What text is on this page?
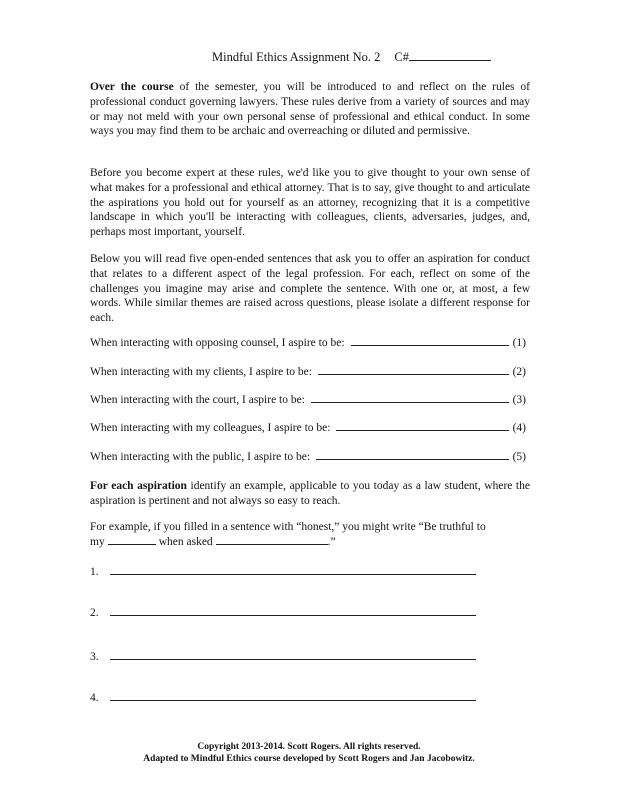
Mindful Ethics Assignment No. 2 C#

Over the course of the semester, you will be introduced to and reflect on the rules of professional conduct governing lawyers. These rules derive from a variety of sources and may or may not meld with your own personal sense of professional and ethical conduct. In some ways you may find them to be archaic and overreaching or diluted and permissive.

Before you become expert at these rules, we'd like you to give thought to your own sense of what makes for a professional and ethical attorney. That is to say, give thought to and articulate the aspirations you hold out for yourself as an attorney, recognizing that it is a competitive landscape in which you'll be interacting with colleagues, clients, adversaries, judges, and, perhaps most important, yourself.

Below you will read five open-ended sentences that ask you to offer an aspiration for conduct that relates to a different aspect of the legal profession. For each, reflect on some of the challenges you imagine may arise and complete the sentence. With one or, at most, a few words. While similar themes are raised across questions, please isolate a different response for each.

When interacting with opposing counsel, I aspire to be:	(1)
When interacting with my clients, I aspire to be:	(2)
When interacting with the court, I aspire to be:	(3)
When interacting with my colleagues, I aspire to be:	(4)
When interacting with the public, I aspire to be:	(5)

For each aspiration identify an example, applicable to you today as a law student, where the aspiration is pertinent and not always so easy to reach.

For example, if you filled in a sentence with “honest,” you might write “Be truthful to
my	when asked	.”
1.
2.
3.
4.
Copyright 2013-2014. Scott Rogers. All rights reserved.
Adapted to Mindful Ethics course developed by Scott Rogers and Jan Jacobowitz.
